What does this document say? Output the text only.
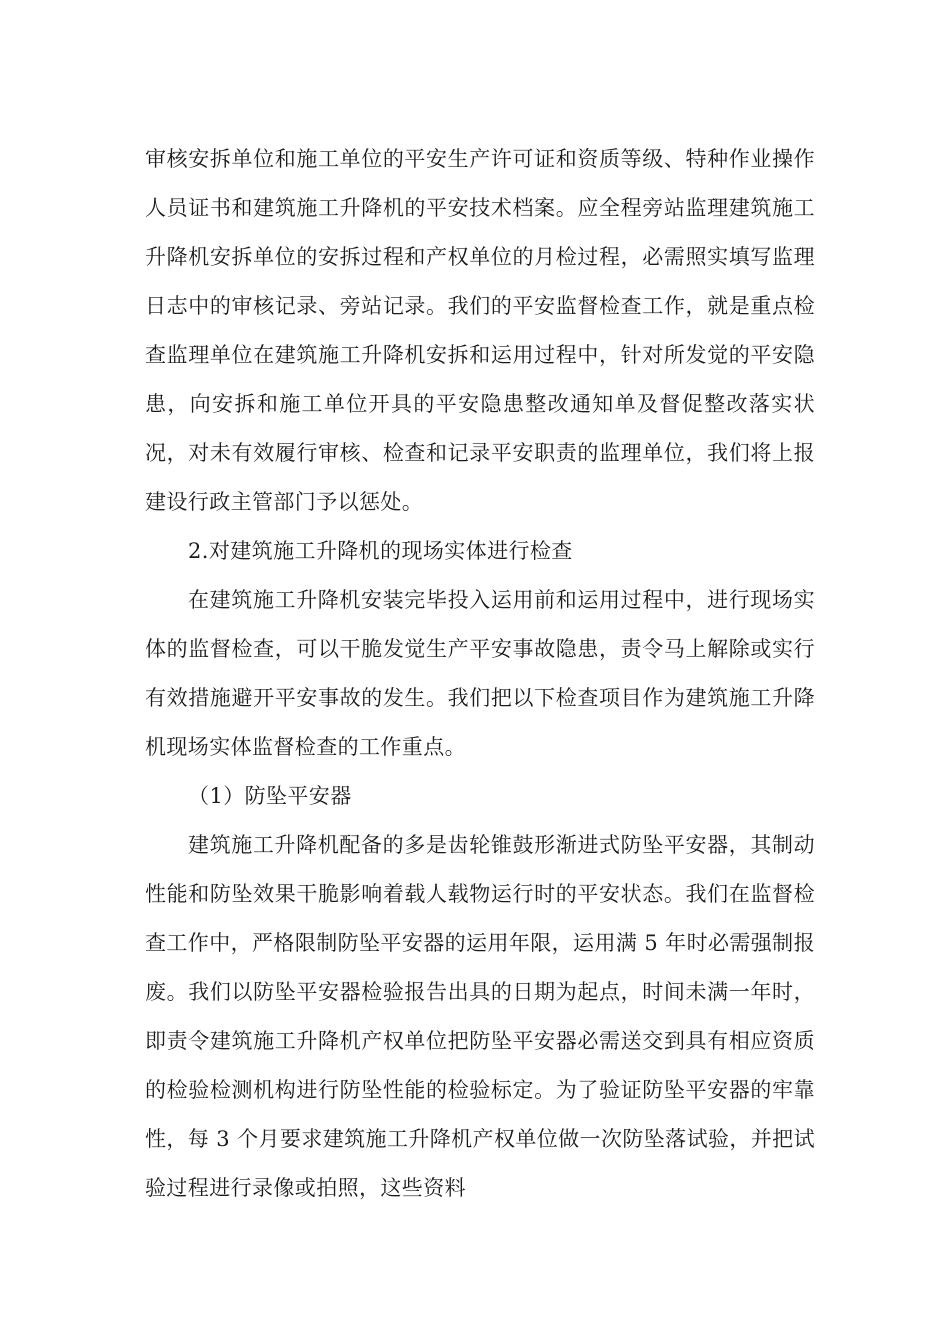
审核安拆单位和施工单位的平安生产许可证和资质等级、特种作业操作人员证书和建筑施工升降机的平安技术档案。应全程旁站监理建筑施工升降机安拆单位的安拆过程和产权单位的月检过程，必需照实填写监理日志中的审核记录、旁站记录。我们的平安监督检查工作，就是重点检查监理单位在建筑施工升降机安拆和运用过程中，针对所发觉的平安隐患，向安拆和施工单位开具的平安隐患整改通知单及督促整改落实状况，对未有效履行审核、检查和记录平安职责的监理单位，我们将上报建设行政主管部门予以惩处。

2.对建筑施工升降机的现场实体进行检查

在建筑施工升降机安装完毕投入运用前和运用过程中，进行现场实体的监督检查，可以干脆发觉生产平安事故隐患，责令马上解除或实行有效措施避开平安事故的发生。我们把以下检查项目作为建筑施工升降机现场实体监督检查的工作重点。

（1）防坠平安器

建筑施工升降机配备的多是齿轮锥鼓形渐进式防坠平安器，其制动性能和防坠效果干脆影响着载人载物运行时的平安状态。我们在监督检查工作中，严格限制防坠平安器的运用年限，运用满 5 年时必需强制报废。我们以防坠平安器检验报告出具的日期为起点，时间未满一年时，即责令建筑施工升降机产权单位把防坠平安器必需送交到具有相应资质的检验检测机构进行防坠性能的检验标定。为了验证防坠平安器的牢靠性，每 3 个月要求建筑施工升降机产权单位做一次防坠落试验，并把试验过程进行录像或拍照，这些资料
